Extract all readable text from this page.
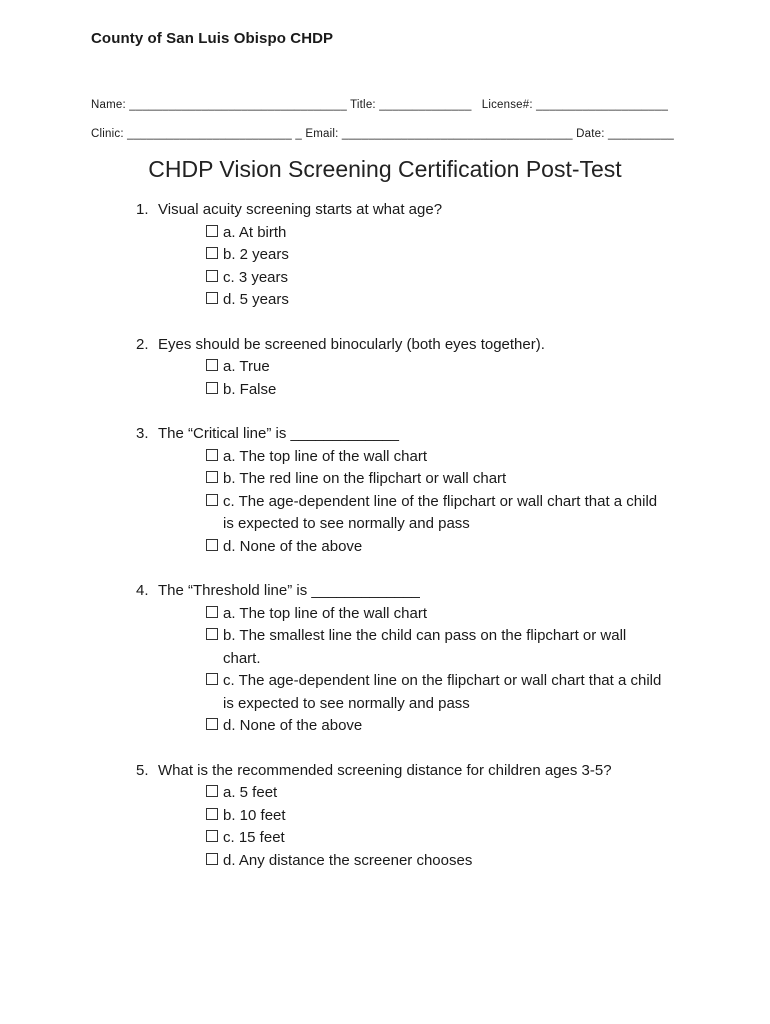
County of San Luis Obispo CHDP
Name: _________________________________ Title: ______________   License#: ____________________
Clinic: _________________________ _ Email: ___________________________________ Date: __________
CHDP Vision Screening Certification Post-Test
1. Visual acuity screening starts at what age?
a. At birth
b. 2 years
c. 3 years
d. 5 years
2. Eyes should be screened binocularly (both eyes together).
a. True
b. False
3. The “Critical line” is _____________
a. The top line of the wall chart
b. The red line on the flipchart or wall chart
c. The age-dependent line of the flipchart or wall chart that a child is expected to see normally and pass
d. None of the above
4. The “Threshold line” is _____________
a. The top line of the wall chart
b. The smallest line the child can pass on the flipchart or wall chart.
c. The age-dependent line on the flipchart or wall chart that a child is expected to see normally and pass
d. None of the above
5. What is the recommended screening distance for children ages 3-5?
a. 5 feet
b. 10 feet
c. 15 feet
d. Any distance the screener chooses
